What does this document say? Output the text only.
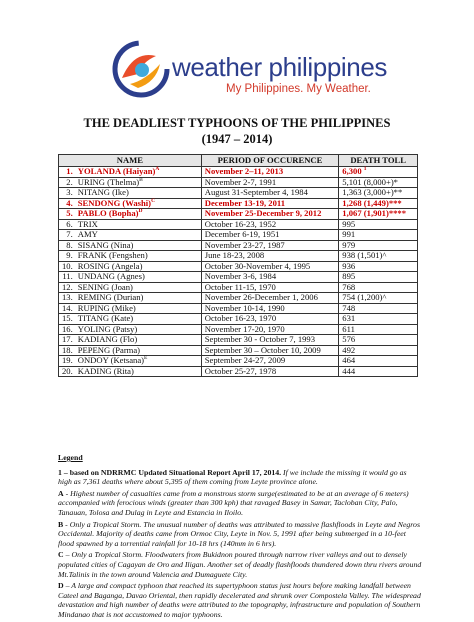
weather philippines
My Philippines. My Weather.
THE DEADLIEST TYPHOONS OF THE PHILIPPINES
(1947 – 2014)
NAME		PERIOD OF OCCURENCE	DEATH TOLL
1.	YOLANDA (Haiyan)$^A$	November 2–11, 2013	6,300 $^1$
2.	URING (Thelma)$^B$	November 2-7, 1991	5,101 (8,000+)*
3.	NITANG (Ike)	August 31-September 4, 1984	1,363 (3,000+)**
4.	SENDONG (Washi)$^C$	December 13-19, 2011	1,268 (1,449)***
5.	PABLO (Bopha)$^D$	November 25-December 9, 2012	1,067 (1,901)****
6.	TRIX	October 16-23, 1952	995
7.	AMY	December 6-19, 1951	991
8.	SISANG (Nina)	November 23-27, 1987	979
9.	FRANK (Fengshen)	June 18-23, 2008	938 (1,501)^
10.	ROSING (Angela)	October 30-November 4, 1995	936
11.	UNDANG (Agnes)	November 3-6, 1984	895
12.	SENING (Joan)	October 11-15, 1970	768
13.	REMING (Durian)	November 26-December 1, 2006	754 (1,200)^
14.	RUPING (Mike)	November 10-14, 1990	748
15.	TITANG (Kate)	October 16-23, 1970	631
16.	YOLING (Patsy)	November 17-20, 1970	611
17.	KADIANG (Flo)	September 30 - October 7, 1993	576
18.	PEPENG (Parma)	September 30 – October 10, 2009	492
19.	ONDOY (Ketsana)$^E$	September 24-27, 2009	464
20.	KADING (Rita)	October 25-27, 1978	444
Legend

1 – based on NDRRMC Updated Situational Report April 17, 2014. If we include the missing it would go as high as 7,361 deaths where about 5,395 of them coming from Leyte province alone.

A - Highest number of casualties came from a monstrous storm surge(estimated to be at an average of 6 meters) accompanied with ferocious winds (greater than 300 kph) that ravaged Basey in Samar, Tacloban City, Palo, Tanauan, Tolosa and Dulag in Leyte and Estancia in Iloilo.

B - Only a Tropical Storm. The unusual number of deaths was attributed to massive flashfloods in Leyte and Negros Occidental. Majority of deaths came from Ormoc City, Leyte in Nov. 5, 1991 after being submerged in a 10-feet flood spawned by a torrential rainfall for 10-18 hrs (140mm in 6 hrs).

C – Only a Tropical Storm. Floodwaters from Bukidnon poured through narrow river valleys and out to densely populated cities of Cagayan de Oro and Iligan. Another set of deadly flashfloods thundered down thru rivers around Mt.Talinis in the town around Valencia and Dumaguete City.

D – A large and compact typhoon that reached its supertyphoon status just hours before making landfall between Cateel and Baganga, Davao Oriental, then rapidly decelerated and shrunk over Compostela Valley. The widespread devastation and high number of deaths were attributed to the topography, infrastructure and population of Southern Mindanao that is not accustomed to major typhoons.
